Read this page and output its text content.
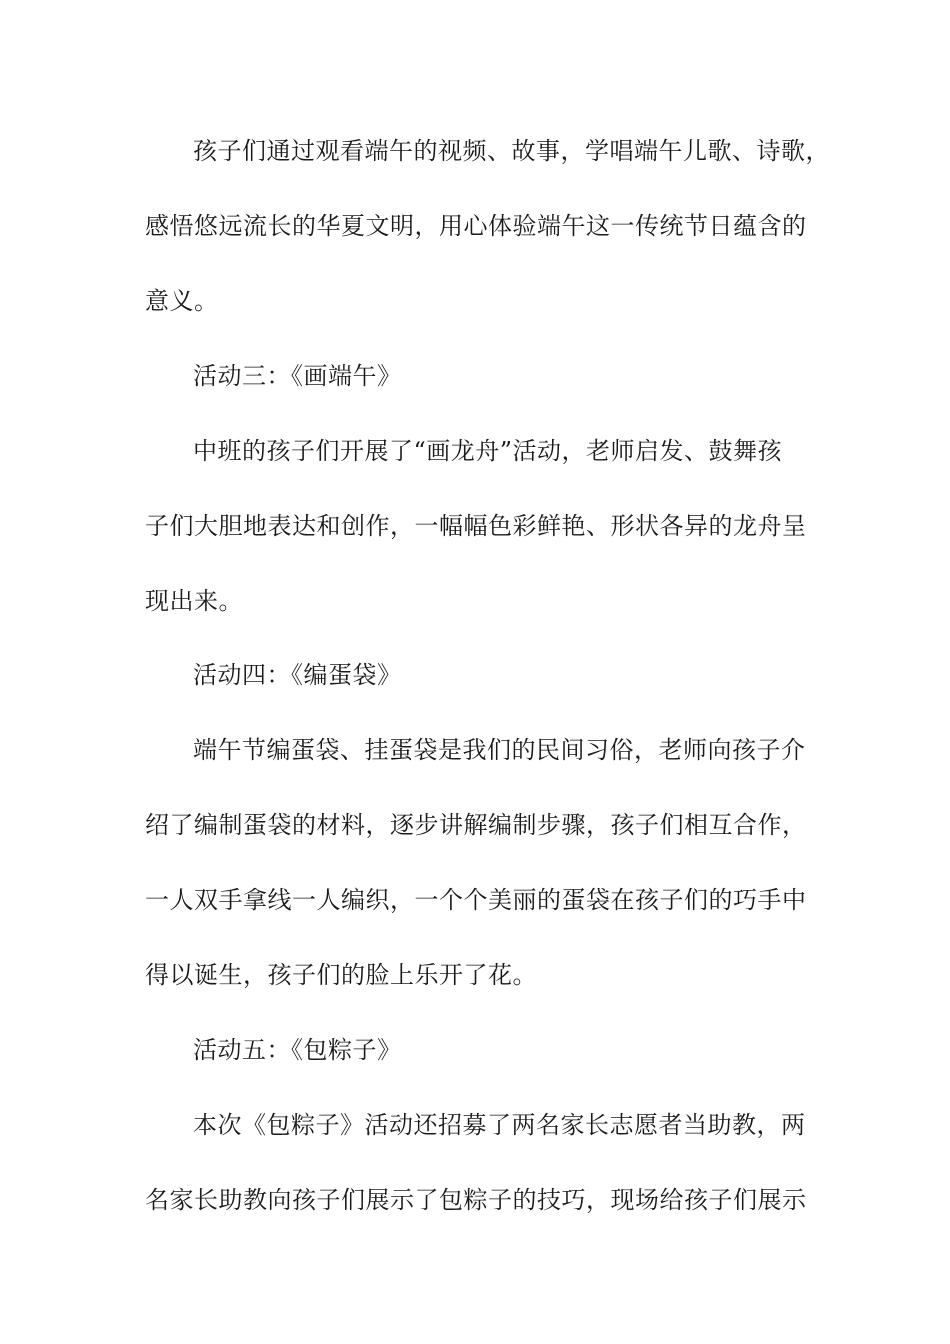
孩子们通过观看端午的视频、故事，学唱端午儿歌、诗歌，
感悟悠远流长的华夏文明，用心体验端午这一传统节日蕴含的
意义。
活动三：《画端午》
中班的孩子们开展了“画龙舟”活动，老师启发、鼓舞孩
子们大胆地表达和创作，一幅幅色彩鲜艳、形状各异的龙舟呈
现出来。
活动四：《编蛋袋》
端午节编蛋袋、挂蛋袋是我们的民间习俗，老师向孩子介
绍了编制蛋袋的材料，逐步讲解编制步骤，孩子们相互合作，
一人双手拿线一人编织，一个个美丽的蛋袋在孩子们的巧手中
得以诞生，孩子们的脸上乐开了花。
活动五：《包粽子》
本次《包粽子》活动还招募了两名家长志愿者当助教，两
名家长助教向孩子们展示了包粽子的技巧，现场给孩子们展示
